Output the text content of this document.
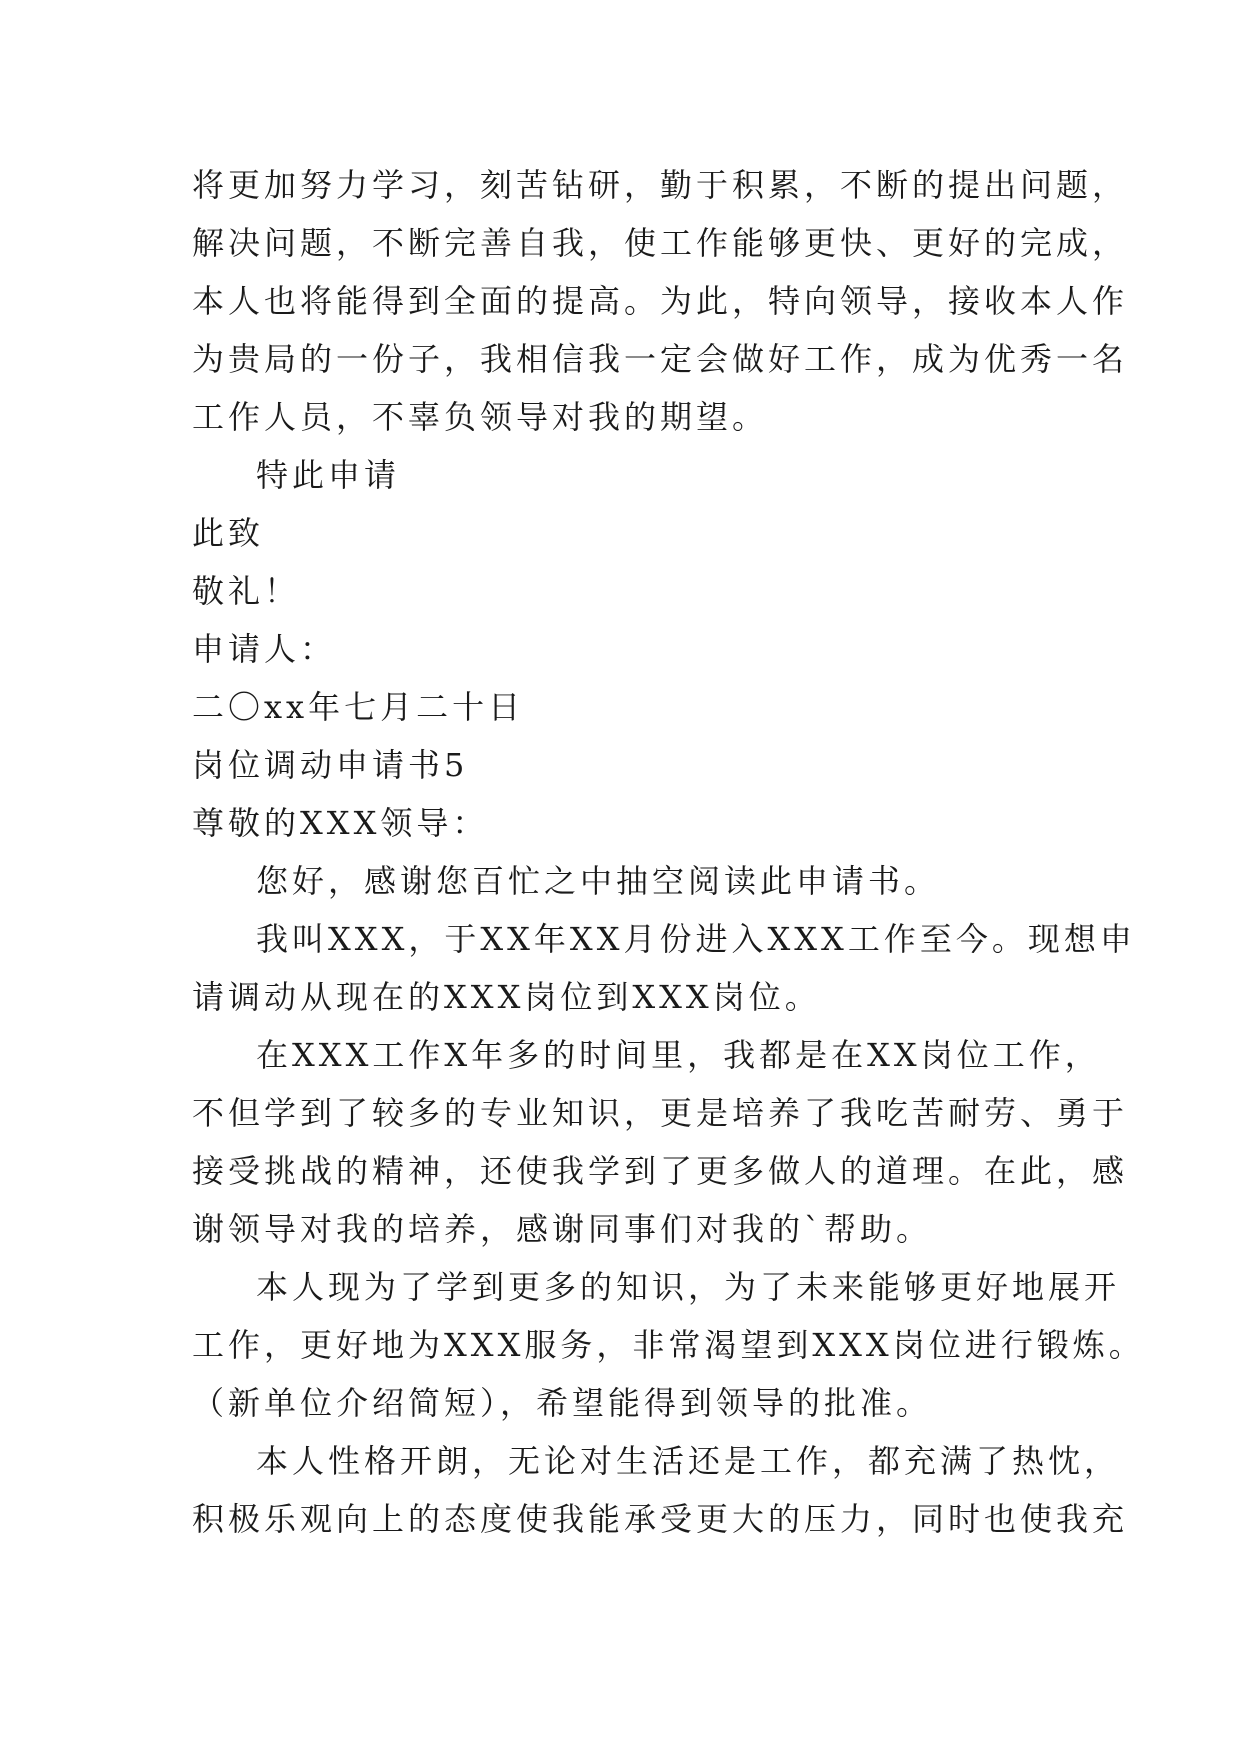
将更加努力学习，刻苦钻研，勤于积累，不断的提出问题，
解决问题，不断完善自我，使工作能够更快、更好的完成，
本人也将能得到全面的提高。为此，特向领导，接收本人作
为贵局的一份子，我相信我一定会做好工作，成为优秀一名
工作人员，不辜负领导对我的期望。
特此申请
此致
敬礼！
申请人：
二〇xx年七月二十日
岗位调动申请书5
尊敬的XXX领导：
您好，感谢您百忙之中抽空阅读此申请书。
我叫XXX，于XX年XX月份进入XXX工作至今。现想申
请调动从现在的XXX岗位到XXX岗位。
在XXX工作X年多的时间里，我都是在XX岗位工作，
不但学到了较多的专业知识，更是培养了我吃苦耐劳、勇于
接受挑战的精神，还使我学到了更多做人的道理。在此，感
谢领导对我的培养，感谢同事们对我的`帮助。
本人现为了学到更多的知识，为了未来能够更好地展开
工作，更好地为XXX服务，非常渴望到XXX岗位进行锻炼。
（新单位介绍简短），希望能得到领导的批准。
本人性格开朗，无论对生活还是工作，都充满了热忱，
积极乐观向上的态度使我能承受更大的压力，同时也使我充
